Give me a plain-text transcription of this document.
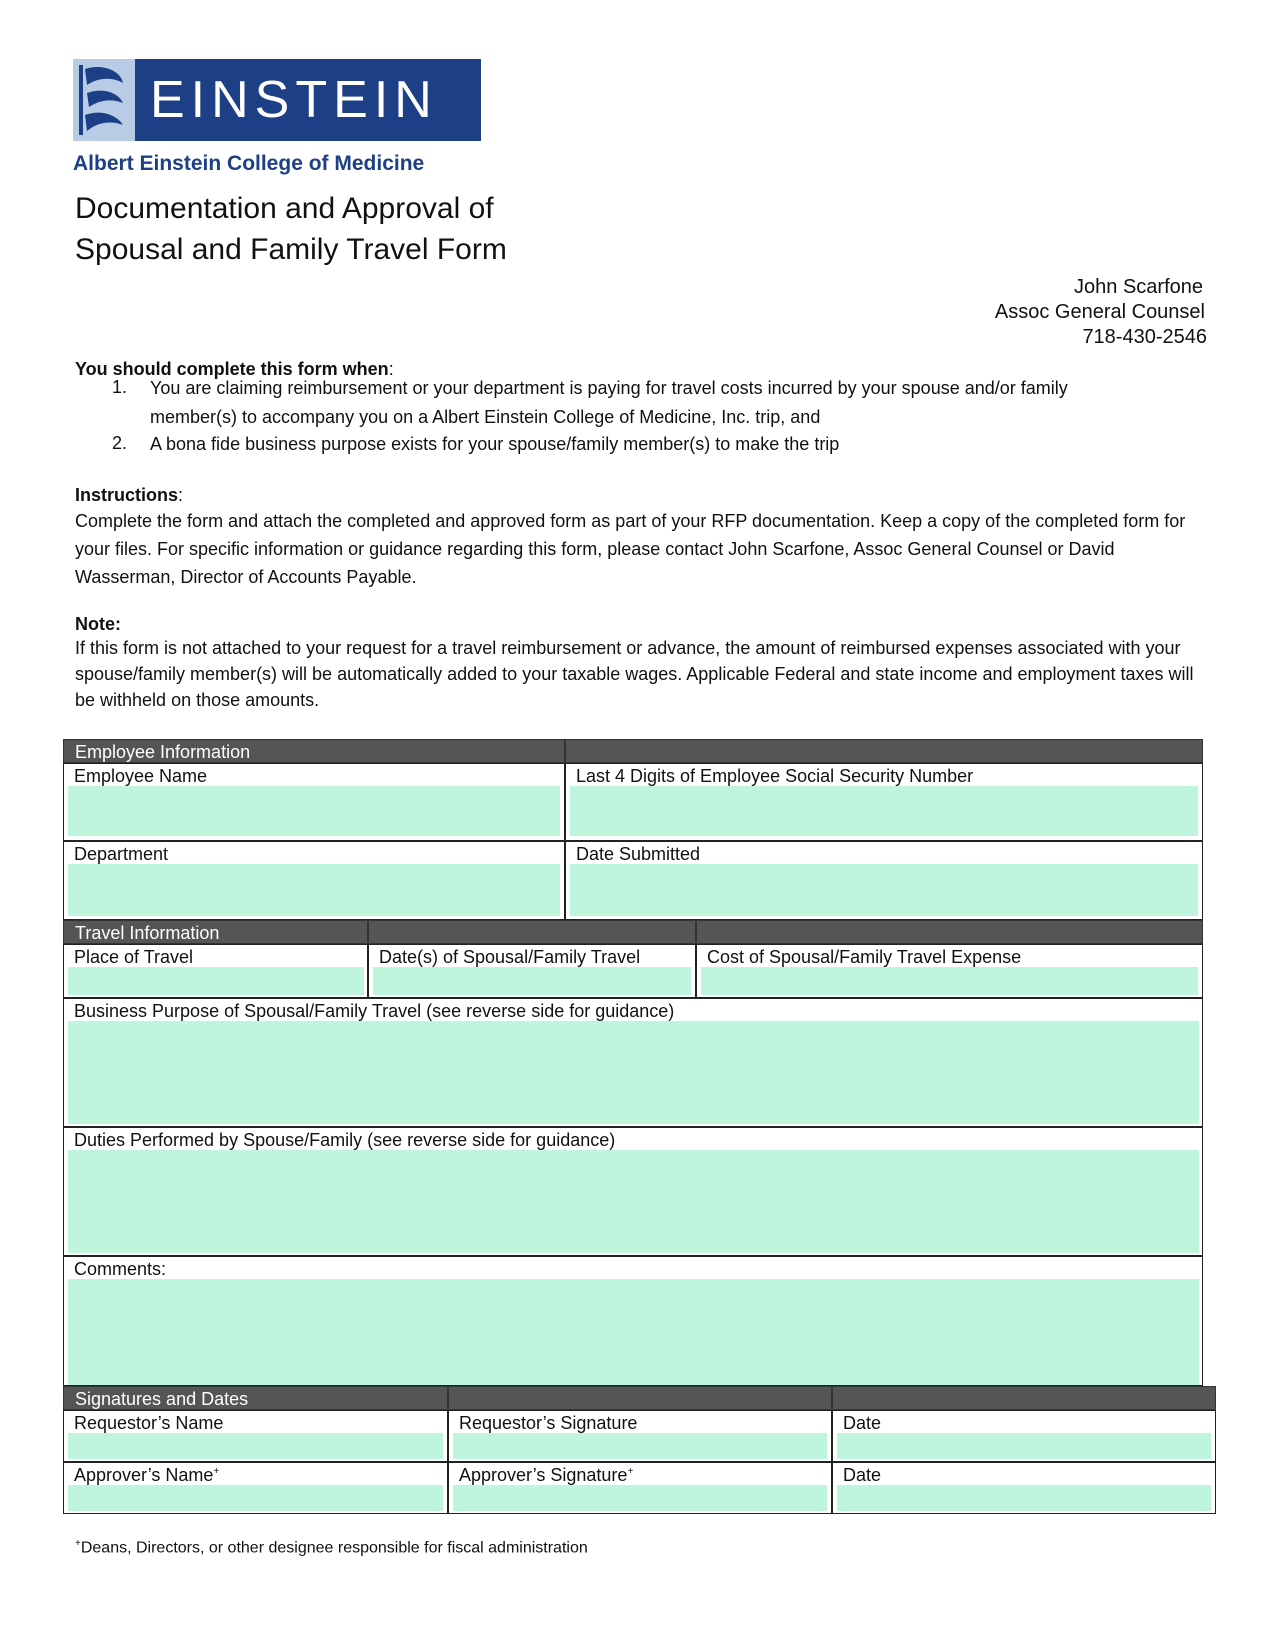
EINSTEIN
Albert Einstein College of Medicine
Documentation and Approval of
Spousal and Family Travel Form
John Scarfone
Assoc General Counsel
718-430-2546
You should complete this form when:
1. You are claiming reimbursement or your department is paying for travel costs incurred by your spouse and/or family member(s) to accompany you on a Albert Einstein College of Medicine, Inc. trip, and
2. A bona fide business purpose exists for your spouse/family member(s) to make the trip
Instructions:
Complete the form and attach the completed and approved form as part of your RFP documentation. Keep a copy of the completed form for your files. For specific information or guidance regarding this form, please contact John Scarfone, Assoc General Counsel or David Wasserman, Director of Accounts Payable.
Note:
If this form is not attached to your request for a travel reimbursement or advance, the amount of reimbursed expenses associated with your spouse/family member(s) will be automatically added to your taxable wages. Applicable Federal and state income and employment taxes will be withheld on those amounts.
Employee Information
Employee Name	Last 4 Digits of Employee Social Security Number
Department	Date Submitted
Travel Information
Place of Travel	Date(s) of Spousal/Family Travel	Cost of Spousal/Family Travel Expense
Business Purpose of Spousal/Family Travel (see reverse side for guidance)
Duties Performed by Spouse/Family (see reverse side for guidance)
Comments:
Signatures and Dates
Requestor’s Name	Requestor’s Signature	Date
Approver’s Name+	Approver’s Signature+	Date
+Deans, Directors, or other designee responsible for fiscal administration
